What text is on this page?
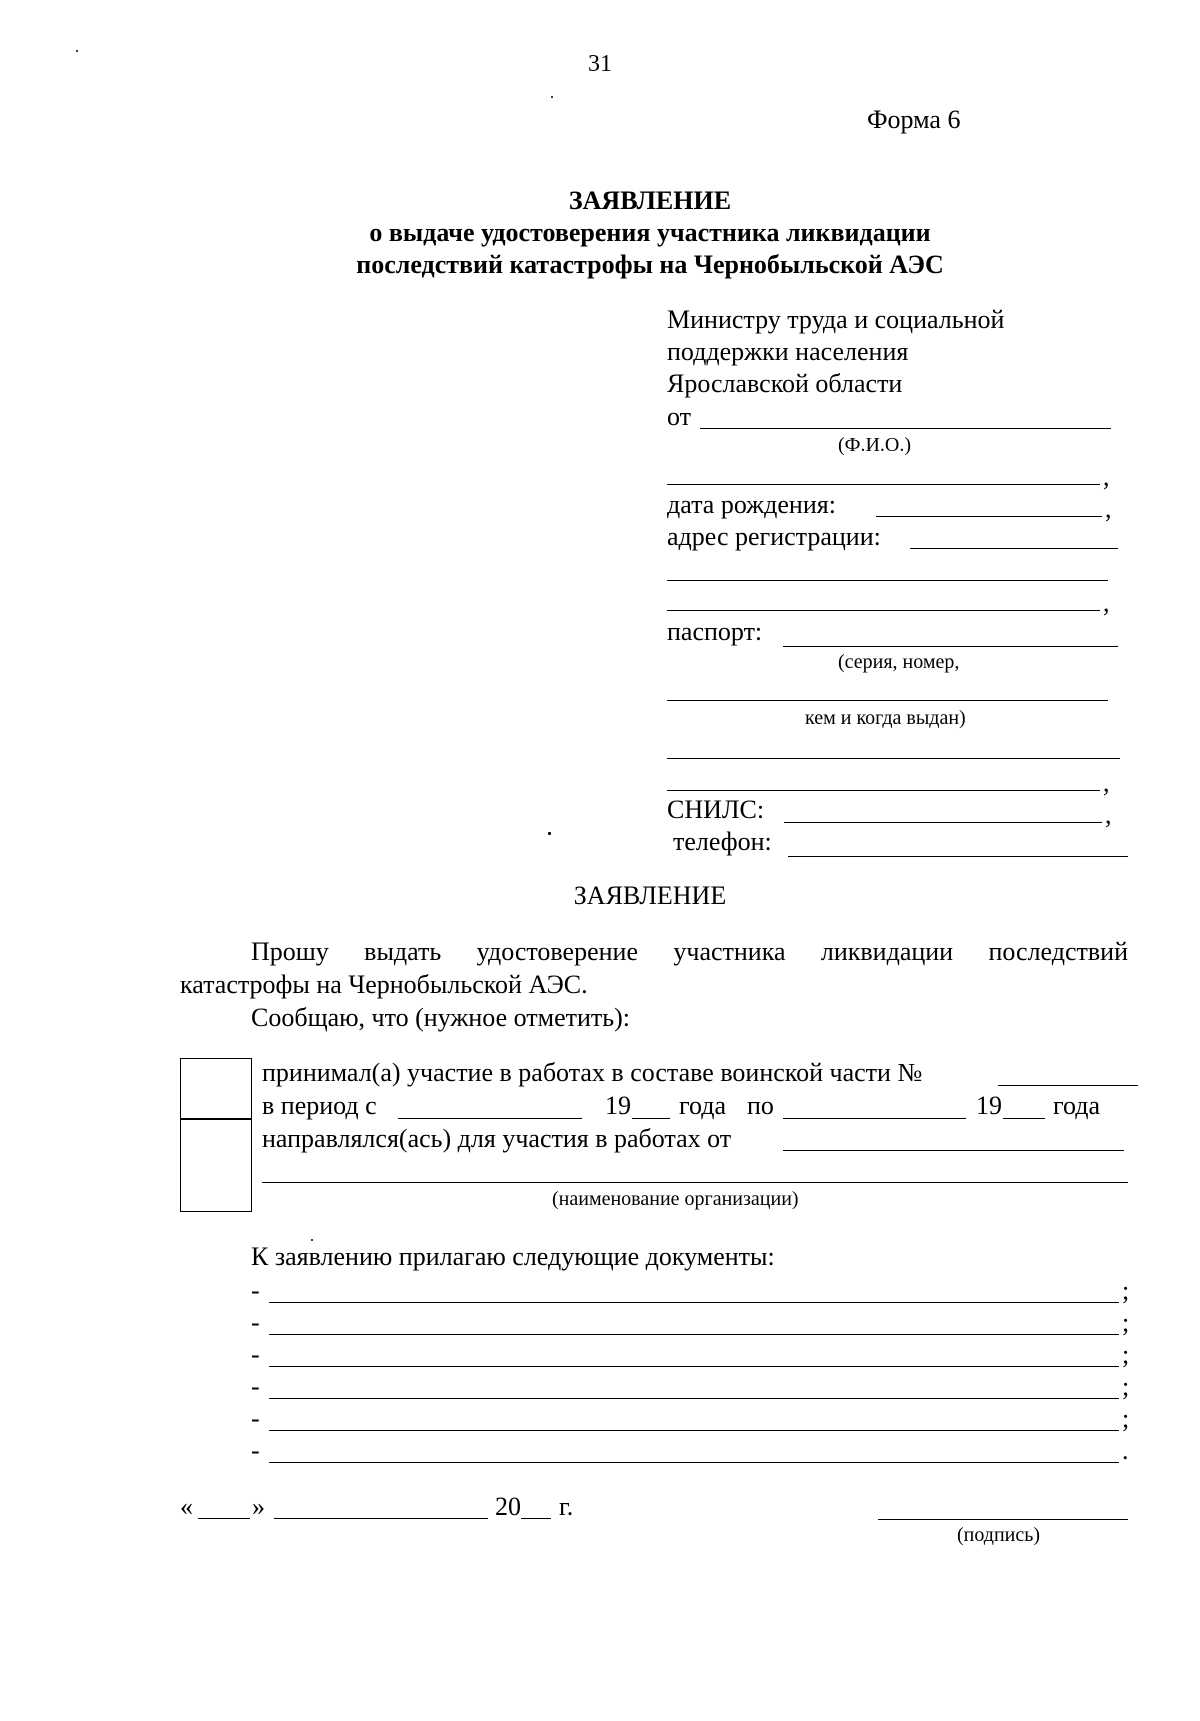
31
Форма 6
ЗАЯВЛЕНИЕ
о выдаче удостоверения участника ликвидации
последствий катастрофы на Чернобыльской АЭС
Министру труда и социальной
поддержки населения
Ярославской области
от
(Ф.И.О.)
,
дата рождения:	,
адрес регистрации:
,
паспорт:
(серия, номер,
кем и когда выдан)
,
СНИЛС:	,
телефон:
ЗАЯВЛЕНИЕ
Прошу выдать удостоверение участника ликвидации последствий
катастрофы на Чернобыльской АЭС.
Сообщаю, что (нужное отметить):
принимал(а) участие в работах в составе воинской части №
в период с	19 года по	19 года
направлялся(ась) для участия в работах от
(наименование организации)
К заявлению прилагаю следующие документы:
-	;
-	;
-	;
-	;
-	;
-	.
« »	20 г.
(подпись)
